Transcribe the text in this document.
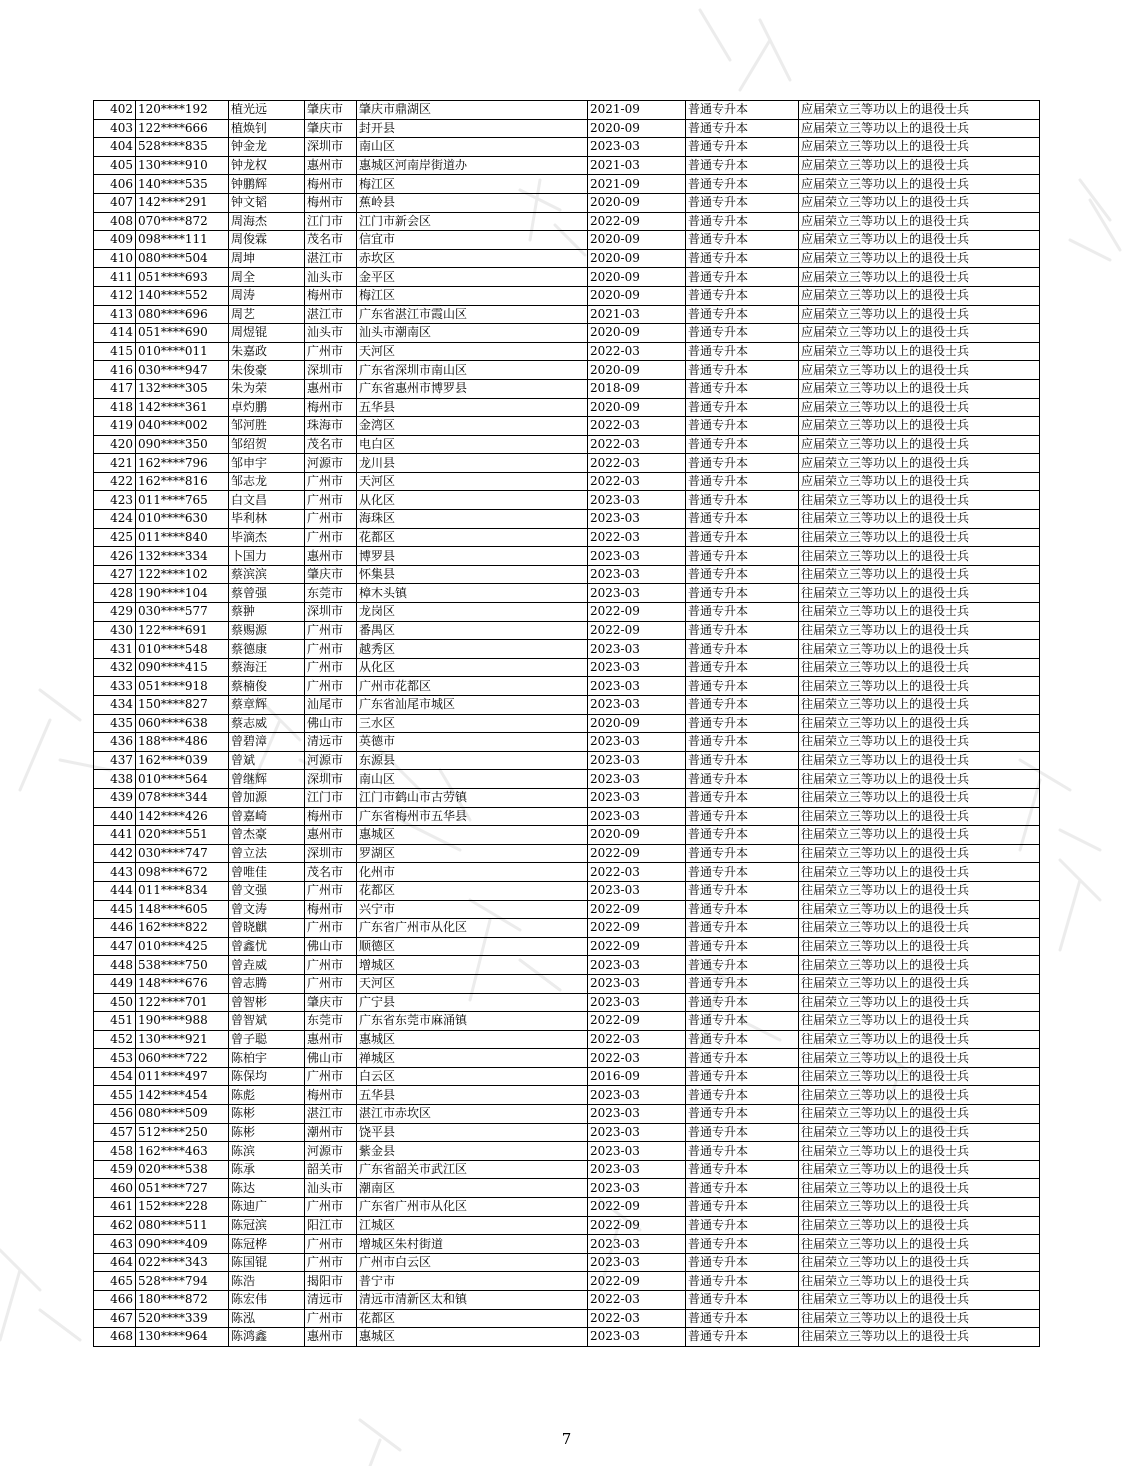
402	120****192	植光远	肇庆市	肇庆市鼎湖区	2021-09	普通专升本	应届荣立三等功以上的退役士兵
403	122****666	植焕钊	肇庆市	封开县	2020-09	普通专升本	应届荣立三等功以上的退役士兵
404	528****835	钟金龙	深圳市	南山区	2023-03	普通专升本	应届荣立三等功以上的退役士兵
405	130****910	钟龙权	惠州市	惠城区河南岸街道办	2021-03	普通专升本	应届荣立三等功以上的退役士兵
406	140****535	钟鹏辉	梅州市	梅江区	2021-09	普通专升本	应届荣立三等功以上的退役士兵
407	142****291	钟文韬	梅州市	蕉岭县	2020-09	普通专升本	应届荣立三等功以上的退役士兵
408	070****872	周海杰	江门市	江门市新会区	2022-09	普通专升本	应届荣立三等功以上的退役士兵
409	098****111	周俊霖	茂名市	信宜市	2020-09	普通专升本	应届荣立三等功以上的退役士兵
410	080****504	周坤	湛江市	赤坎区	2020-09	普通专升本	应届荣立三等功以上的退役士兵
411	051****693	周全	汕头市	金平区	2020-09	普通专升本	应届荣立三等功以上的退役士兵
412	140****552	周涛	梅州市	梅江区	2020-09	普通专升本	应届荣立三等功以上的退役士兵
413	080****696	周艺	湛江市	广东省湛江市霞山区	2021-03	普通专升本	应届荣立三等功以上的退役士兵
414	051****690	周煜锟	汕头市	汕头市潮南区	2020-09	普通专升本	应届荣立三等功以上的退役士兵
415	010****011	朱嘉政	广州市	天河区	2022-03	普通专升本	应届荣立三等功以上的退役士兵
416	030****947	朱俊豪	深圳市	广东省深圳市南山区	2020-09	普通专升本	应届荣立三等功以上的退役士兵
417	132****305	朱为荣	惠州市	广东省惠州市博罗县	2018-09	普通专升本	应届荣立三等功以上的退役士兵
418	142****361	卓灼鹏	梅州市	五华县	2020-09	普通专升本	应届荣立三等功以上的退役士兵
419	040****002	邹河胜	珠海市	金湾区	2022-03	普通专升本	应届荣立三等功以上的退役士兵
420	090****350	邹绍贺	茂名市	电白区	2022-03	普通专升本	应届荣立三等功以上的退役士兵
421	162****796	邹申宇	河源市	龙川县	2022-03	普通专升本	应届荣立三等功以上的退役士兵
422	162****816	邹志龙	广州市	天河区	2022-03	普通专升本	应届荣立三等功以上的退役士兵
423	011****765	白文昌	广州市	从化区	2023-03	普通专升本	往届荣立三等功以上的退役士兵
424	010****630	毕利林	广州市	海珠区	2023-03	普通专升本	往届荣立三等功以上的退役士兵
425	011****840	毕滴杰	广州市	花都区	2022-03	普通专升本	往届荣立三等功以上的退役士兵
426	132****334	卜国力	惠州市	博罗县	2023-03	普通专升本	往届荣立三等功以上的退役士兵
427	122****102	蔡滨滨	肇庆市	怀集县	2023-03	普通专升本	往届荣立三等功以上的退役士兵
428	190****104	蔡曾强	东莞市	樟木头镇	2023-03	普通专升本	往届荣立三等功以上的退役士兵
429	030****577	蔡翀	深圳市	龙岗区	2022-09	普通专升本	往届荣立三等功以上的退役士兵
430	122****691	蔡赐源	广州市	番禺区	2022-09	普通专升本	往届荣立三等功以上的退役士兵
431	010****548	蔡德康	广州市	越秀区	2023-03	普通专升本	往届荣立三等功以上的退役士兵
432	090****415	蔡海汪	广州市	从化区	2023-03	普通专升本	往届荣立三等功以上的退役士兵
433	051****918	蔡楠俊	广州市	广州市花都区	2023-03	普通专升本	往届荣立三等功以上的退役士兵
434	150****827	蔡章辉	汕尾市	广东省汕尾市城区	2023-03	普通专升本	往届荣立三等功以上的退役士兵
435	060****638	蔡志威	佛山市	三水区	2020-09	普通专升本	往届荣立三等功以上的退役士兵
436	188****486	曾碧漳	清远市	英德市	2023-03	普通专升本	往届荣立三等功以上的退役士兵
437	162****039	曾斌	河源市	东源县	2023-03	普通专升本	往届荣立三等功以上的退役士兵
438	010****564	曾继辉	深圳市	南山区	2023-03	普通专升本	往届荣立三等功以上的退役士兵
439	078****344	曾加源	江门市	江门市鹤山市古劳镇	2023-03	普通专升本	往届荣立三等功以上的退役士兵
440	142****426	曾嘉崎	梅州市	广东省梅州市五华县	2023-03	普通专升本	往届荣立三等功以上的退役士兵
441	020****551	曾杰豪	惠州市	惠城区	2020-09	普通专升本	往届荣立三等功以上的退役士兵
442	030****747	曾立法	深圳市	罗湖区	2022-09	普通专升本	往届荣立三等功以上的退役士兵
443	098****672	曾唯佳	茂名市	化州市	2022-03	普通专升本	往届荣立三等功以上的退役士兵
444	011****834	曾文强	广州市	花都区	2023-03	普通专升本	往届荣立三等功以上的退役士兵
445	148****605	曾文涛	梅州市	兴宁市	2022-09	普通专升本	往届荣立三等功以上的退役士兵
446	162****822	曾晓麒	广州市	广东省广州市从化区	2022-09	普通专升本	往届荣立三等功以上的退役士兵
447	010****425	曾鑫忧	佛山市	顺德区	2022-09	普通专升本	往届荣立三等功以上的退役士兵
448	538****750	曾垚威	广州市	增城区	2023-03	普通专升本	往届荣立三等功以上的退役士兵
449	148****676	曾志腾	广州市	天河区	2023-03	普通专升本	往届荣立三等功以上的退役士兵
450	122****701	曾智彬	肇庆市	广宁县	2023-03	普通专升本	往届荣立三等功以上的退役士兵
451	190****988	曾智斌	东莞市	广东省东莞市麻涌镇	2022-09	普通专升本	往届荣立三等功以上的退役士兵
452	130****921	曾子聪	惠州市	惠城区	2022-03	普通专升本	往届荣立三等功以上的退役士兵
453	060****722	陈柏宇	佛山市	禅城区	2022-03	普通专升本	往届荣立三等功以上的退役士兵
454	011****497	陈保均	广州市	白云区	2016-09	普通专升本	往届荣立三等功以上的退役士兵
455	142****454	陈彪	梅州市	五华县	2023-03	普通专升本	往届荣立三等功以上的退役士兵
456	080****509	陈彬	湛江市	湛江市赤坎区	2023-03	普通专升本	往届荣立三等功以上的退役士兵
457	512****250	陈彬	潮州市	饶平县	2023-03	普通专升本	往届荣立三等功以上的退役士兵
458	162****463	陈滨	河源市	紫金县	2023-03	普通专升本	往届荣立三等功以上的退役士兵
459	020****538	陈承	韶关市	广东省韶关市武江区	2023-03	普通专升本	往届荣立三等功以上的退役士兵
460	051****727	陈达	汕头市	潮南区	2023-03	普通专升本	往届荣立三等功以上的退役士兵
461	152****228	陈迪广	广州市	广东省广州市从化区	2022-09	普通专升本	往届荣立三等功以上的退役士兵
462	080****511	陈冠滨	阳江市	江城区	2022-09	普通专升本	往届荣立三等功以上的退役士兵
463	090****409	陈冠桦	广州市	增城区朱村街道	2023-03	普通专升本	往届荣立三等功以上的退役士兵
464	022****343	陈国锟	广州市	广州市白云区	2023-03	普通专升本	往届荣立三等功以上的退役士兵
465	528****794	陈浩	揭阳市	普宁市	2022-09	普通专升本	往届荣立三等功以上的退役士兵
466	180****872	陈宏伟	清远市	清远市清新区太和镇	2022-03	普通专升本	往届荣立三等功以上的退役士兵
467	520****339	陈泓	广州市	花都区	2022-03	普通专升本	往届荣立三等功以上的退役士兵
468	130****964	陈鸿鑫	惠州市	惠城区	2023-03	普通专升本	往届荣立三等功以上的退役士兵
7
